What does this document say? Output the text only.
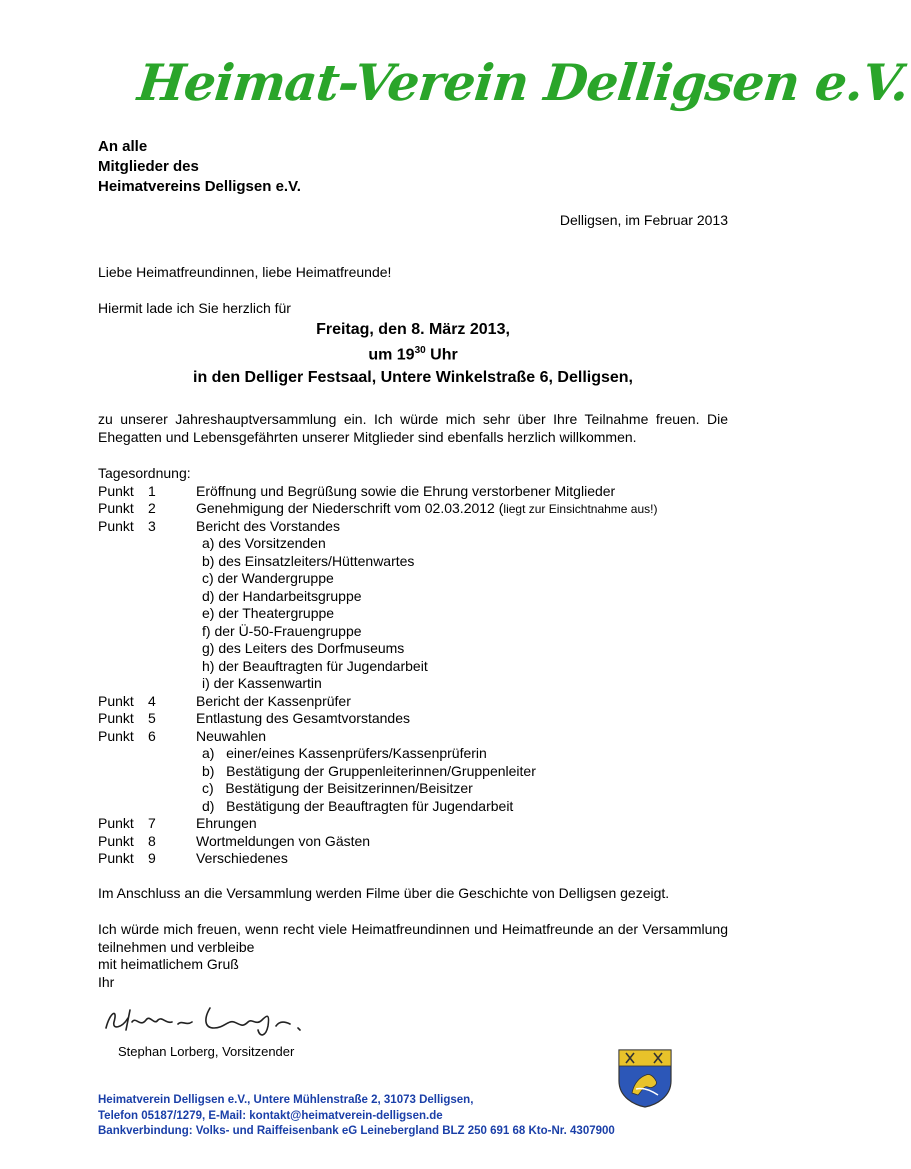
Heimat-Verein Delligsen e.V.
An alle
Mitglieder des
Heimatvereins Delligsen e.V.
Delligsen, im Februar 2013
Liebe Heimatfreundinnen, liebe Heimatfreunde!
Hiermit lade ich Sie herzlich für
Freitag, den 8. März 2013,
um $19^{30}$ Uhr
in den Delliger Festsaal, Untere Winkelstraße 6, Delligsen,
zu unserer Jahreshauptversammlung ein. Ich würde mich sehr über Ihre Teilnahme freuen. Die Ehegatten und Lebensgefährten unserer Mitglieder sind ebenfalls herzlich willkommen.
Tagesordnung:
Punkt	1	Eröffnung und Begrüßung sowie die Ehrung verstorbener Mitglieder
Punkt	2	Genehmigung der Niederschrift vom 02.03.2012 (liegt zur Einsichtnahme aus!)
Punkt	3	Bericht des Vorstandes
a) des Vorsitzenden
b) des Einsatzleiters/Hüttenwartes
c) der Wandergruppe
d) der Handarbeitsgruppe
e) der Theatergruppe
f) der Ü-50-Frauengruppe
g) des Leiters des Dorfmuseums
h) der Beauftragten für Jugendarbeit
i) der Kassenwartin
Punkt	4	Bericht der Kassenprüfer
Punkt	5	Entlastung des Gesamtvorstandes
Punkt	6	Neuwahlen
a)   einer/eines Kassenprüfers/Kassenprüferin
b)   Bestätigung der Gruppenleiterinnen/Gruppenleiter
c)   Bestätigung der Beisitzerinnen/Beisitzer
d)   Bestätigung der Beauftragten für Jugendarbeit
Punkt	7	Ehrungen
Punkt	8	Wortmeldungen von Gästen
Punkt	9	Verschiedenes
Im Anschluss an die Versammlung werden Filme über die Geschichte von Delligsen gezeigt.
Ich würde mich freuen, wenn recht viele Heimatfreundinnen und Heimatfreunde an der Versammlung teilnehmen und verbleibe
mit heimatlichem Gruß
Ihr
Stephan Lorberg, Vorsitzender
Heimatverein Delligsen e.V., Untere Mühlenstraße 2, 31073 Delligsen,
Telefon 05187/1279, E-Mail: kontakt@heimatverein-delligsen.de
Bankverbindung: Volks- und Raiffeisenbank eG Leinebergland BLZ 250 691 68 Kto-Nr. 4307900
